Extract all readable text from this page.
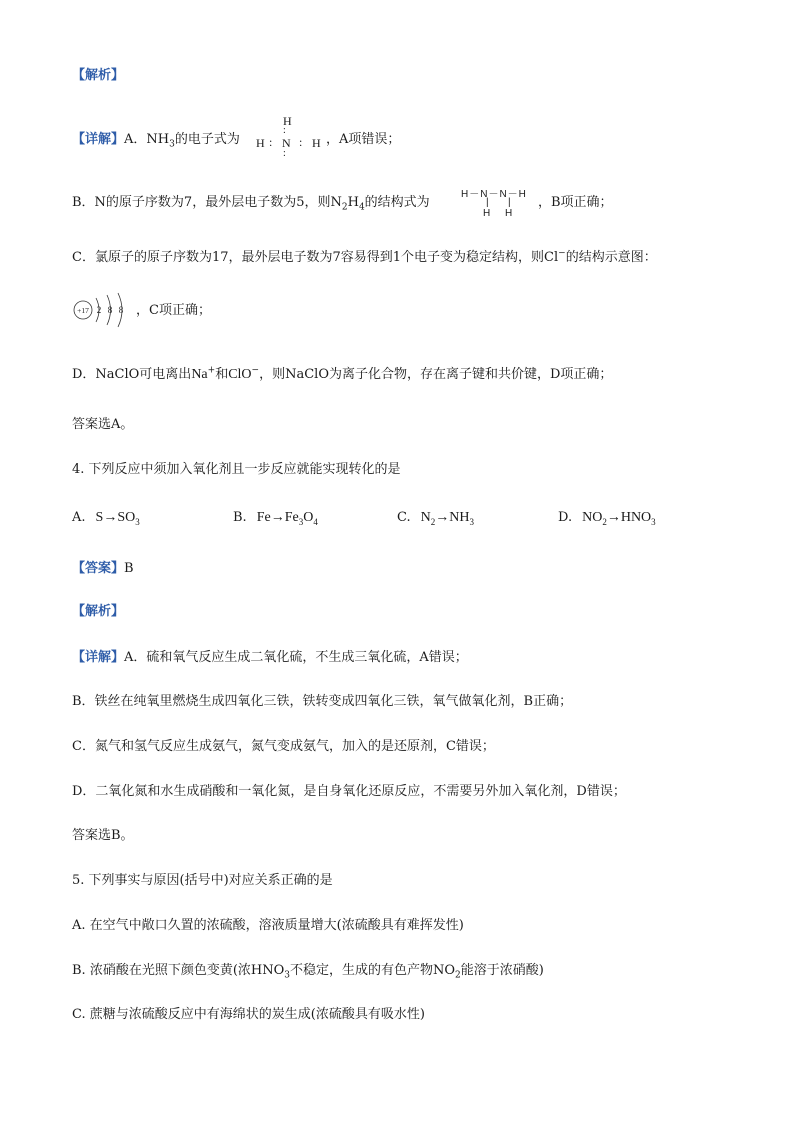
【解析】
【详解】A．$NH_3$的电子式为
H
:
H : N : H
:
，A项错误；
B．N的原子序数为7，最外层电子数为5，则$N_2H_4$的结构式为
H－N－N－H
| |
H H
，B项正确；
C．氯原子的原子序数为17，最外层电子数为7容易得到1个电子变为稳定结构，则Cl−的结构示意图：
+17 2 8 8 ，C项正确；
D．NaClO可电离出Na+和ClO−，则NaClO为离子化合物，存在离子键和共价键，D项正确；
答案选A。
4. 下列反应中须加入氧化剂且一步反应就能实现转化的是
A. $S\to SO_3$	B. $Fe\to Fe_3O_4$	C. $N_2\to NH_3$	D. $NO_2\to HNO_3$
【答案】B
【解析】
【详解】A．硫和氧气反应生成二氧化硫，不生成三氧化硫，A错误；
B．铁丝在纯氧里燃烧生成四氧化三铁，铁转变成四氧化三铁，氧气做氧化剂，B正确；
C．氮气和氢气反应生成氨气，氮气变成氨气，加入的是还原剂，C错误；
D．二氧化氮和水生成硝酸和一氧化氮，是自身氧化还原反应，不需要另外加入氧化剂，D错误；
答案选B。
5. 下列事实与原因(括号中)对应关系正确的是
A. 在空气中敞口久置的浓硫酸，溶液质量增大(浓硫酸具有难挥发性)
B. 浓硝酸在光照下颜色变黄(浓$HNO_3$不稳定，生成的有色产物$NO_2$能溶于浓硝酸)
C. 蔗糖与浓硫酸反应中有海绵状的炭生成(浓硫酸具有吸水性)
